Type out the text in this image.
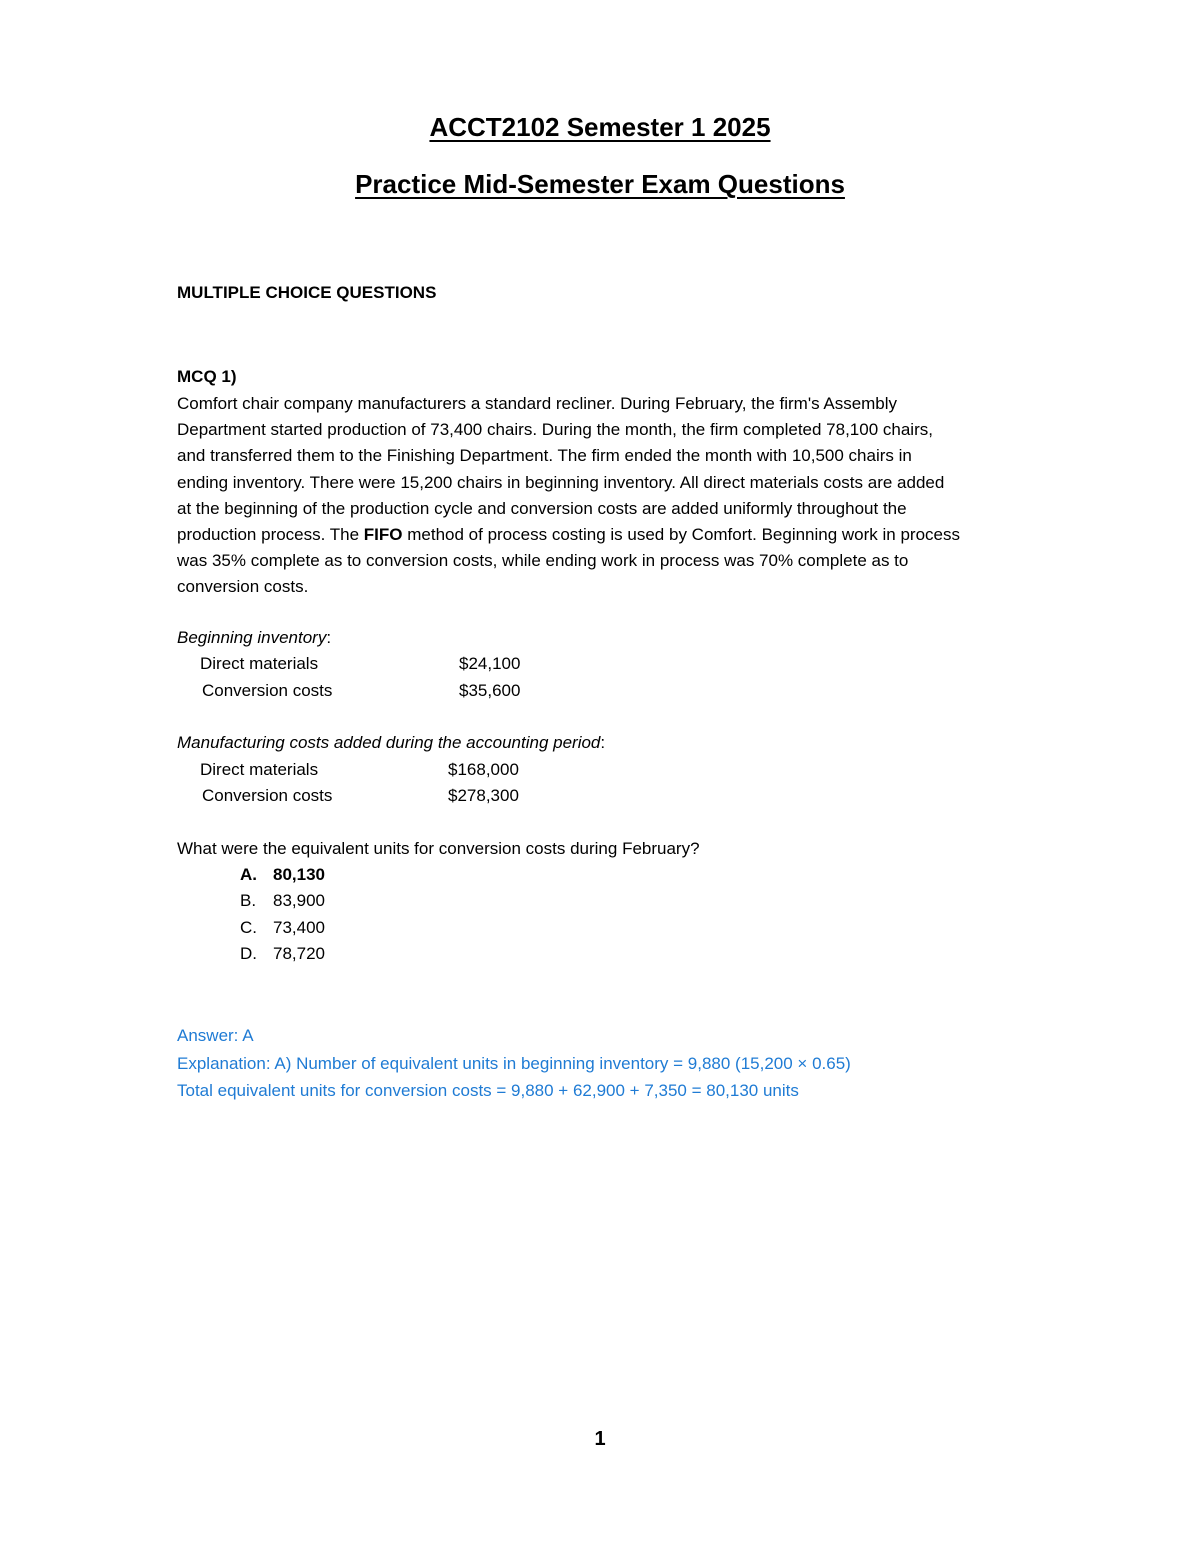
ACCT2102 Semester 1 2025
Practice Mid-Semester Exam Questions
MULTIPLE CHOICE QUESTIONS
MCQ 1)

Comfort chair company manufacturers a standard recliner. During February, the firm's Assembly

Department started production of 73,400 chairs. During the month, the firm completed 78,100 chairs,

and transferred them to the Finishing Department. The firm ended the month with 10,500 chairs in

ending inventory. There were 15,200 chairs in beginning inventory. All direct materials costs are added

at the beginning of the production cycle and conversion costs are added uniformly throughout the

production process. The FIFO method of process costing is used by Comfort. Beginning work in process

was 35% complete as to conversion costs, while ending work in process was 70% complete as to

conversion costs.

Beginning inventory:
Direct materials	$24,100
Conversion costs	$35,600
Manufacturing costs added during the accounting period:
Direct materials	$168,000
Conversion costs	$278,300
What were the equivalent units for conversion costs during February?
A. 80,130
B. 83,900
C. 73,400
D. 78,720

Answer: A

Explanation: A) Number of equivalent units in beginning inventory = 9,880 (15,200 × 0.65)

Total equivalent units for conversion costs = 9,880 + 62,900 + 7,350 = 80,130 units

1
